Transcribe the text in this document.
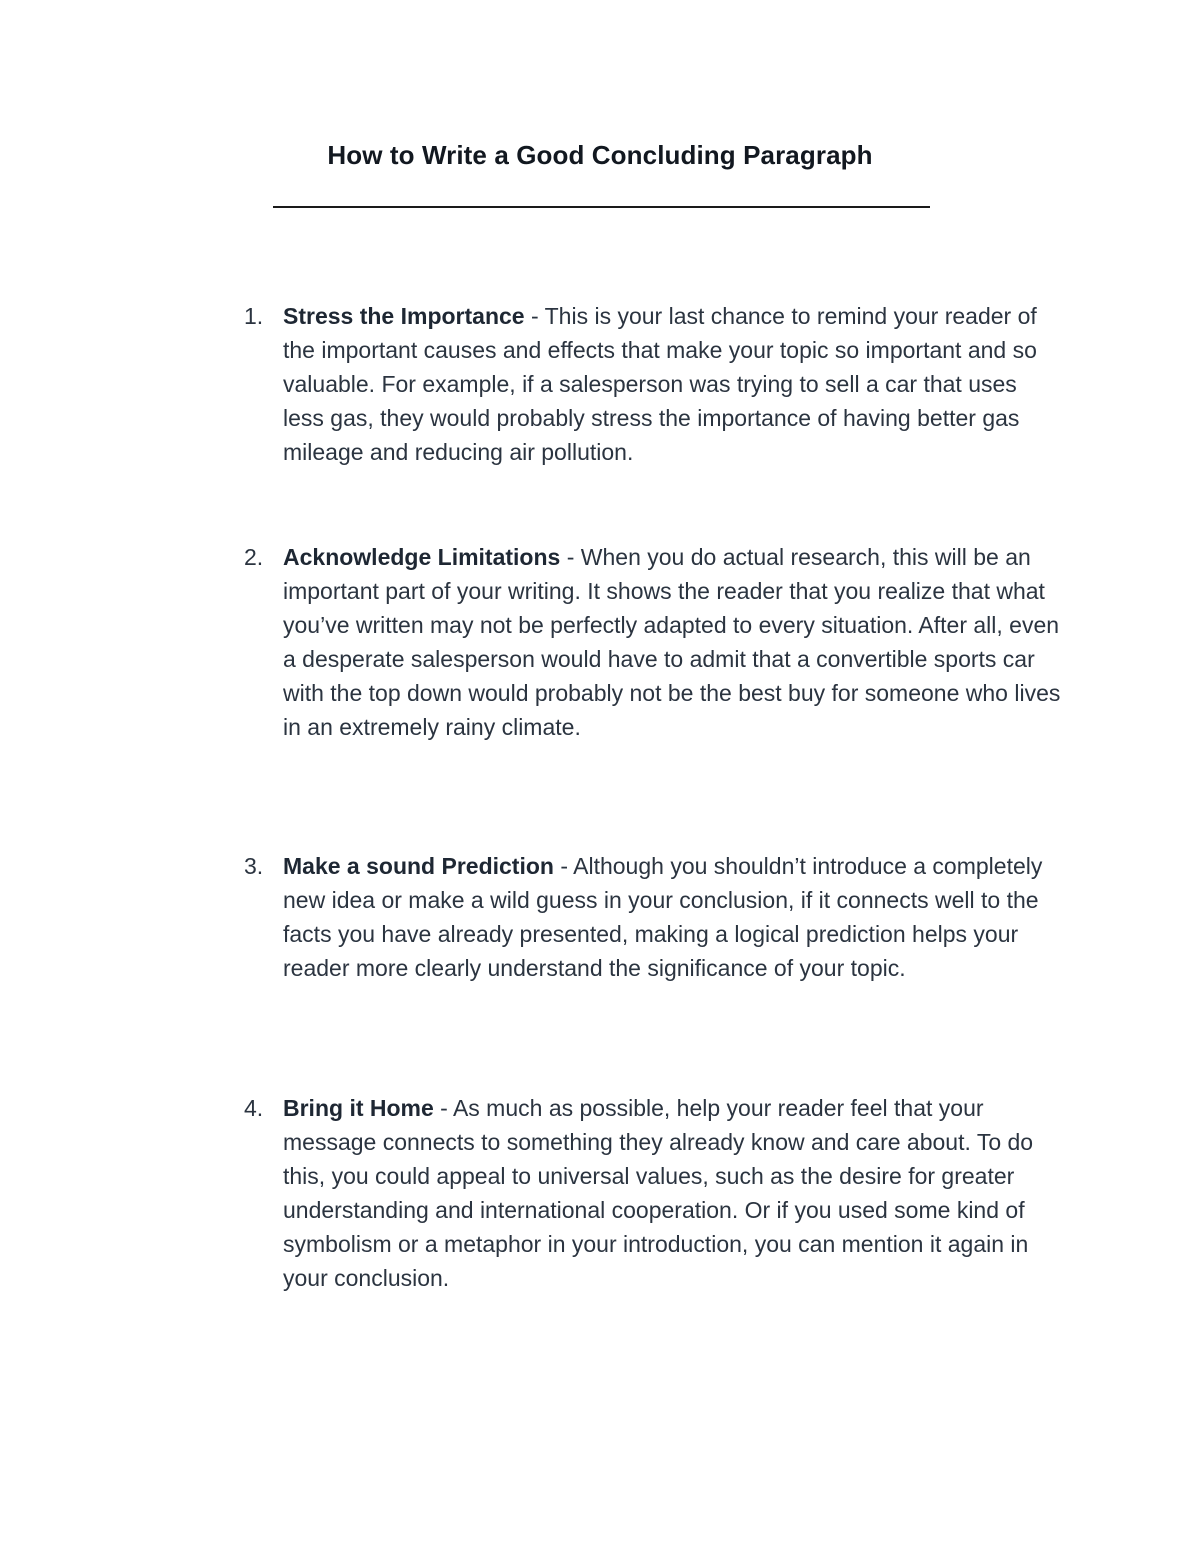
How to Write a Good Concluding Paragraph
1. Stress the Importance - This is your last chance to remind your reader of the important causes and effects that make your topic so important and so valuable. For example, if a salesperson was trying to sell a car that uses less gas, they would probably stress the importance of having better gas mileage and reducing air pollution.

2. Acknowledge Limitations - When you do actual research, this will be an important part of your writing. It shows the reader that you realize that what you’ve written may not be perfectly adapted to every situation. After all, even a desperate salesperson would have to admit that a convertible sports car with the top down would probably not be the best buy for someone who lives in an extremely rainy climate.

3. Make a sound Prediction - Although you shouldn’t introduce a completely new idea or make a wild guess in your conclusion, if it connects well to the facts you have already presented, making a logical prediction helps your reader more clearly understand the significance of your topic.

4. Bring it Home - As much as possible, help your reader feel that your message connects to something they already know and care about. To do this, you could appeal to universal values, such as the desire for greater understanding and international cooperation. Or if you used some kind of symbolism or a metaphor in your introduction, you can mention it again in your conclusion.
